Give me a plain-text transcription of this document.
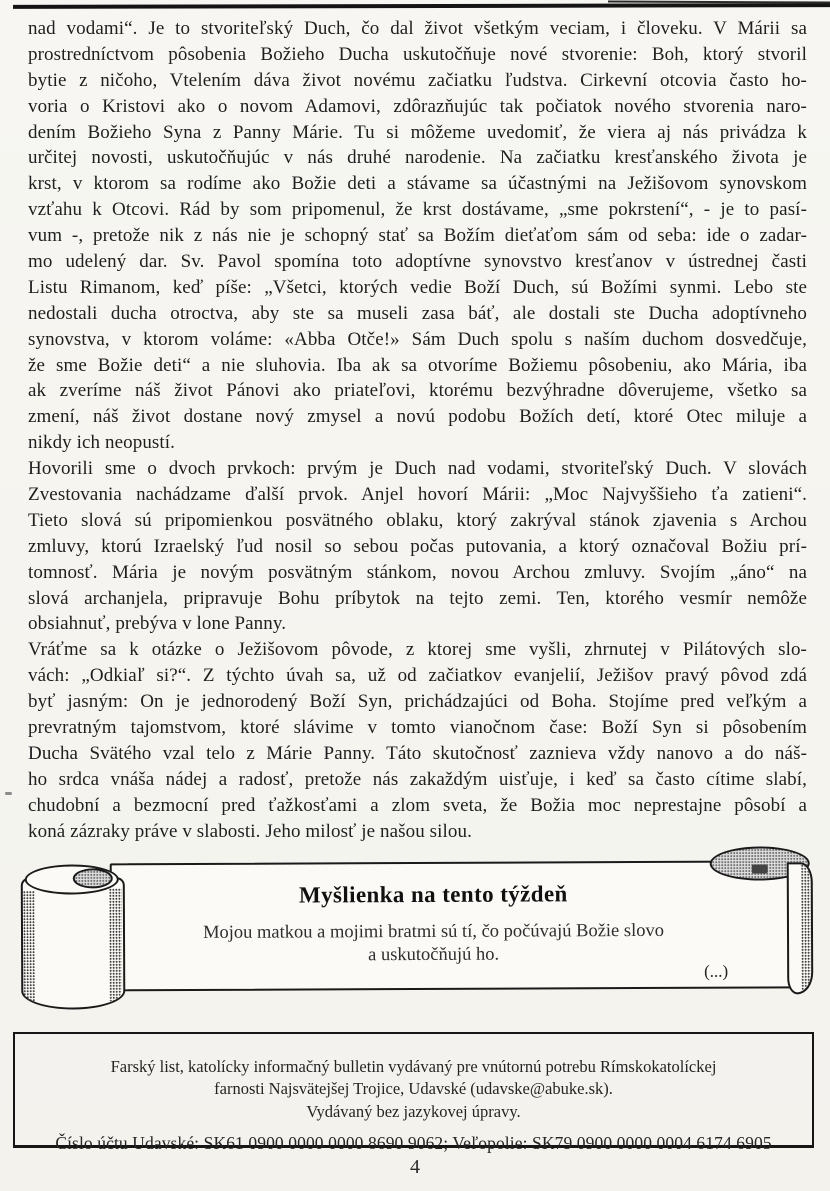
nad vodami“. Je to stvoriteľský Duch, čo dal život všetkým veciam, i človeku. V Márii sa
prostredníctvom pôsobenia Božieho Ducha uskutočňuje nové stvorenie: Boh, ktorý stvoril
bytie z ničoho, Vtelením dáva život novému začiatku ľudstva. Cirkevní otcovia často ho-
voria o Kristovi ako o novom Adamovi, zdôrazňujúc tak počiatok nového stvorenia naro-
dením Božieho Syna z Panny Márie. Tu si môžeme uvedomiť, že viera aj nás privádza k
určitej novosti, uskutočňujúc v nás druhé narodenie. Na začiatku kresťanského života je
krst, v ktorom sa rodíme ako Božie deti a stávame sa účastnými na Ježišovom synovskom
vzťahu k Otcovi. Rád by som pripomenul, že krst dostávame, „sme pokrstení“, - je to pasí-
vum -, pretože nik z nás nie je schopný stať sa Božím dieťaťom sám od seba: ide o zadar-
mo udelený dar. Sv. Pavol spomína toto adoptívne synovstvo kresťanov v ústrednej časti
Listu Rimanom, keď píše: „Všetci, ktorých vedie Boží Duch, sú Božími synmi. Lebo ste
nedostali ducha otroctva, aby ste sa museli zasa báť, ale dostali ste Ducha adoptívneho
synovstva, v ktorom voláme: «Abba Otče!» Sám Duch spolu s naším duchom dosvedčuje,
že sme Božie deti“ a nie sluhovia. Iba ak sa otvoríme Božiemu pôsobeniu, ako Mária, iba
ak zveríme náš život Pánovi ako priateľovi, ktorému bezvýhradne dôverujeme, všetko sa
zmení, náš život dostane nový zmysel a novú podobu Božích detí, ktoré Otec miluje a
nikdy ich neopustí.
Hovorili sme o dvoch prvkoch: prvým je Duch nad vodami, stvoriteľský Duch. V slovách
Zvestovania nachádzame ďalší prvok. Anjel hovorí Márii: „Moc Najvyššieho ťa zatieni“.
Tieto slová sú pripomienkou posvätného oblaku, ktorý zakrýval stánok zjavenia s Archou
zmluvy, ktorú Izraelský ľud nosil so sebou počas putovania, a ktorý označoval Božiu prí-
tomnosť. Mária je novým posvätným stánkom, novou Archou zmluvy. Svojím „áno“ na
slová archanjela, pripravuje Bohu príbytok na tejto zemi. Ten, ktorého vesmír nemôže
obsiahnuť, prebýva v lone Panny.
Vráťme sa k otázke o Ježišovom pôvode, z ktorej sme vyšli, zhrnutej v Pilátových slo-
vách: „Odkiaľ si?“. Z týchto úvah sa, už od začiatkov evanjelií, Ježišov pravý pôvod zdá
byť jasným: On je jednorodený Boží Syn, prichádzajúci od Boha. Stojíme pred veľkým a
prevratným tajomstvom, ktoré slávime v tomto vianočnom čase: Boží Syn si pôsobením
Ducha Svätého vzal telo z Márie Panny. Táto skutočnosť zaznieva vždy nanovo a do náš-
ho srdca vnáša nádej a radosť, pretože nás zakaždým uisťuje, i keď sa často cítime slabí,
chudobní a bezmocní pred ťažkosťami a zlom sveta, že Božia moc neprestajne pôsobí a
koná zázraky práve v slabosti. Jeho milosť je našou silou.
Myšlienka na tento týždeň
Mojou matkou a mojimi bratmi sú tí, čo počúvajú Božie slovo
a uskutočňujú ho.
(...)
Farský list, katolícky informačný bulletin vydávaný pre vnútornú potrebu Rímskokatolíckej
farnosti Najsvätejšej Trojice, Udavské (udavske@abuke.sk).
Vydávaný bez jazykovej úpravy.
Číslo účtu Udavské: SK61 0900 0000 0000 8690 9062; Veľopolie: SK79 0900 0000 0004 6174 6905
4
